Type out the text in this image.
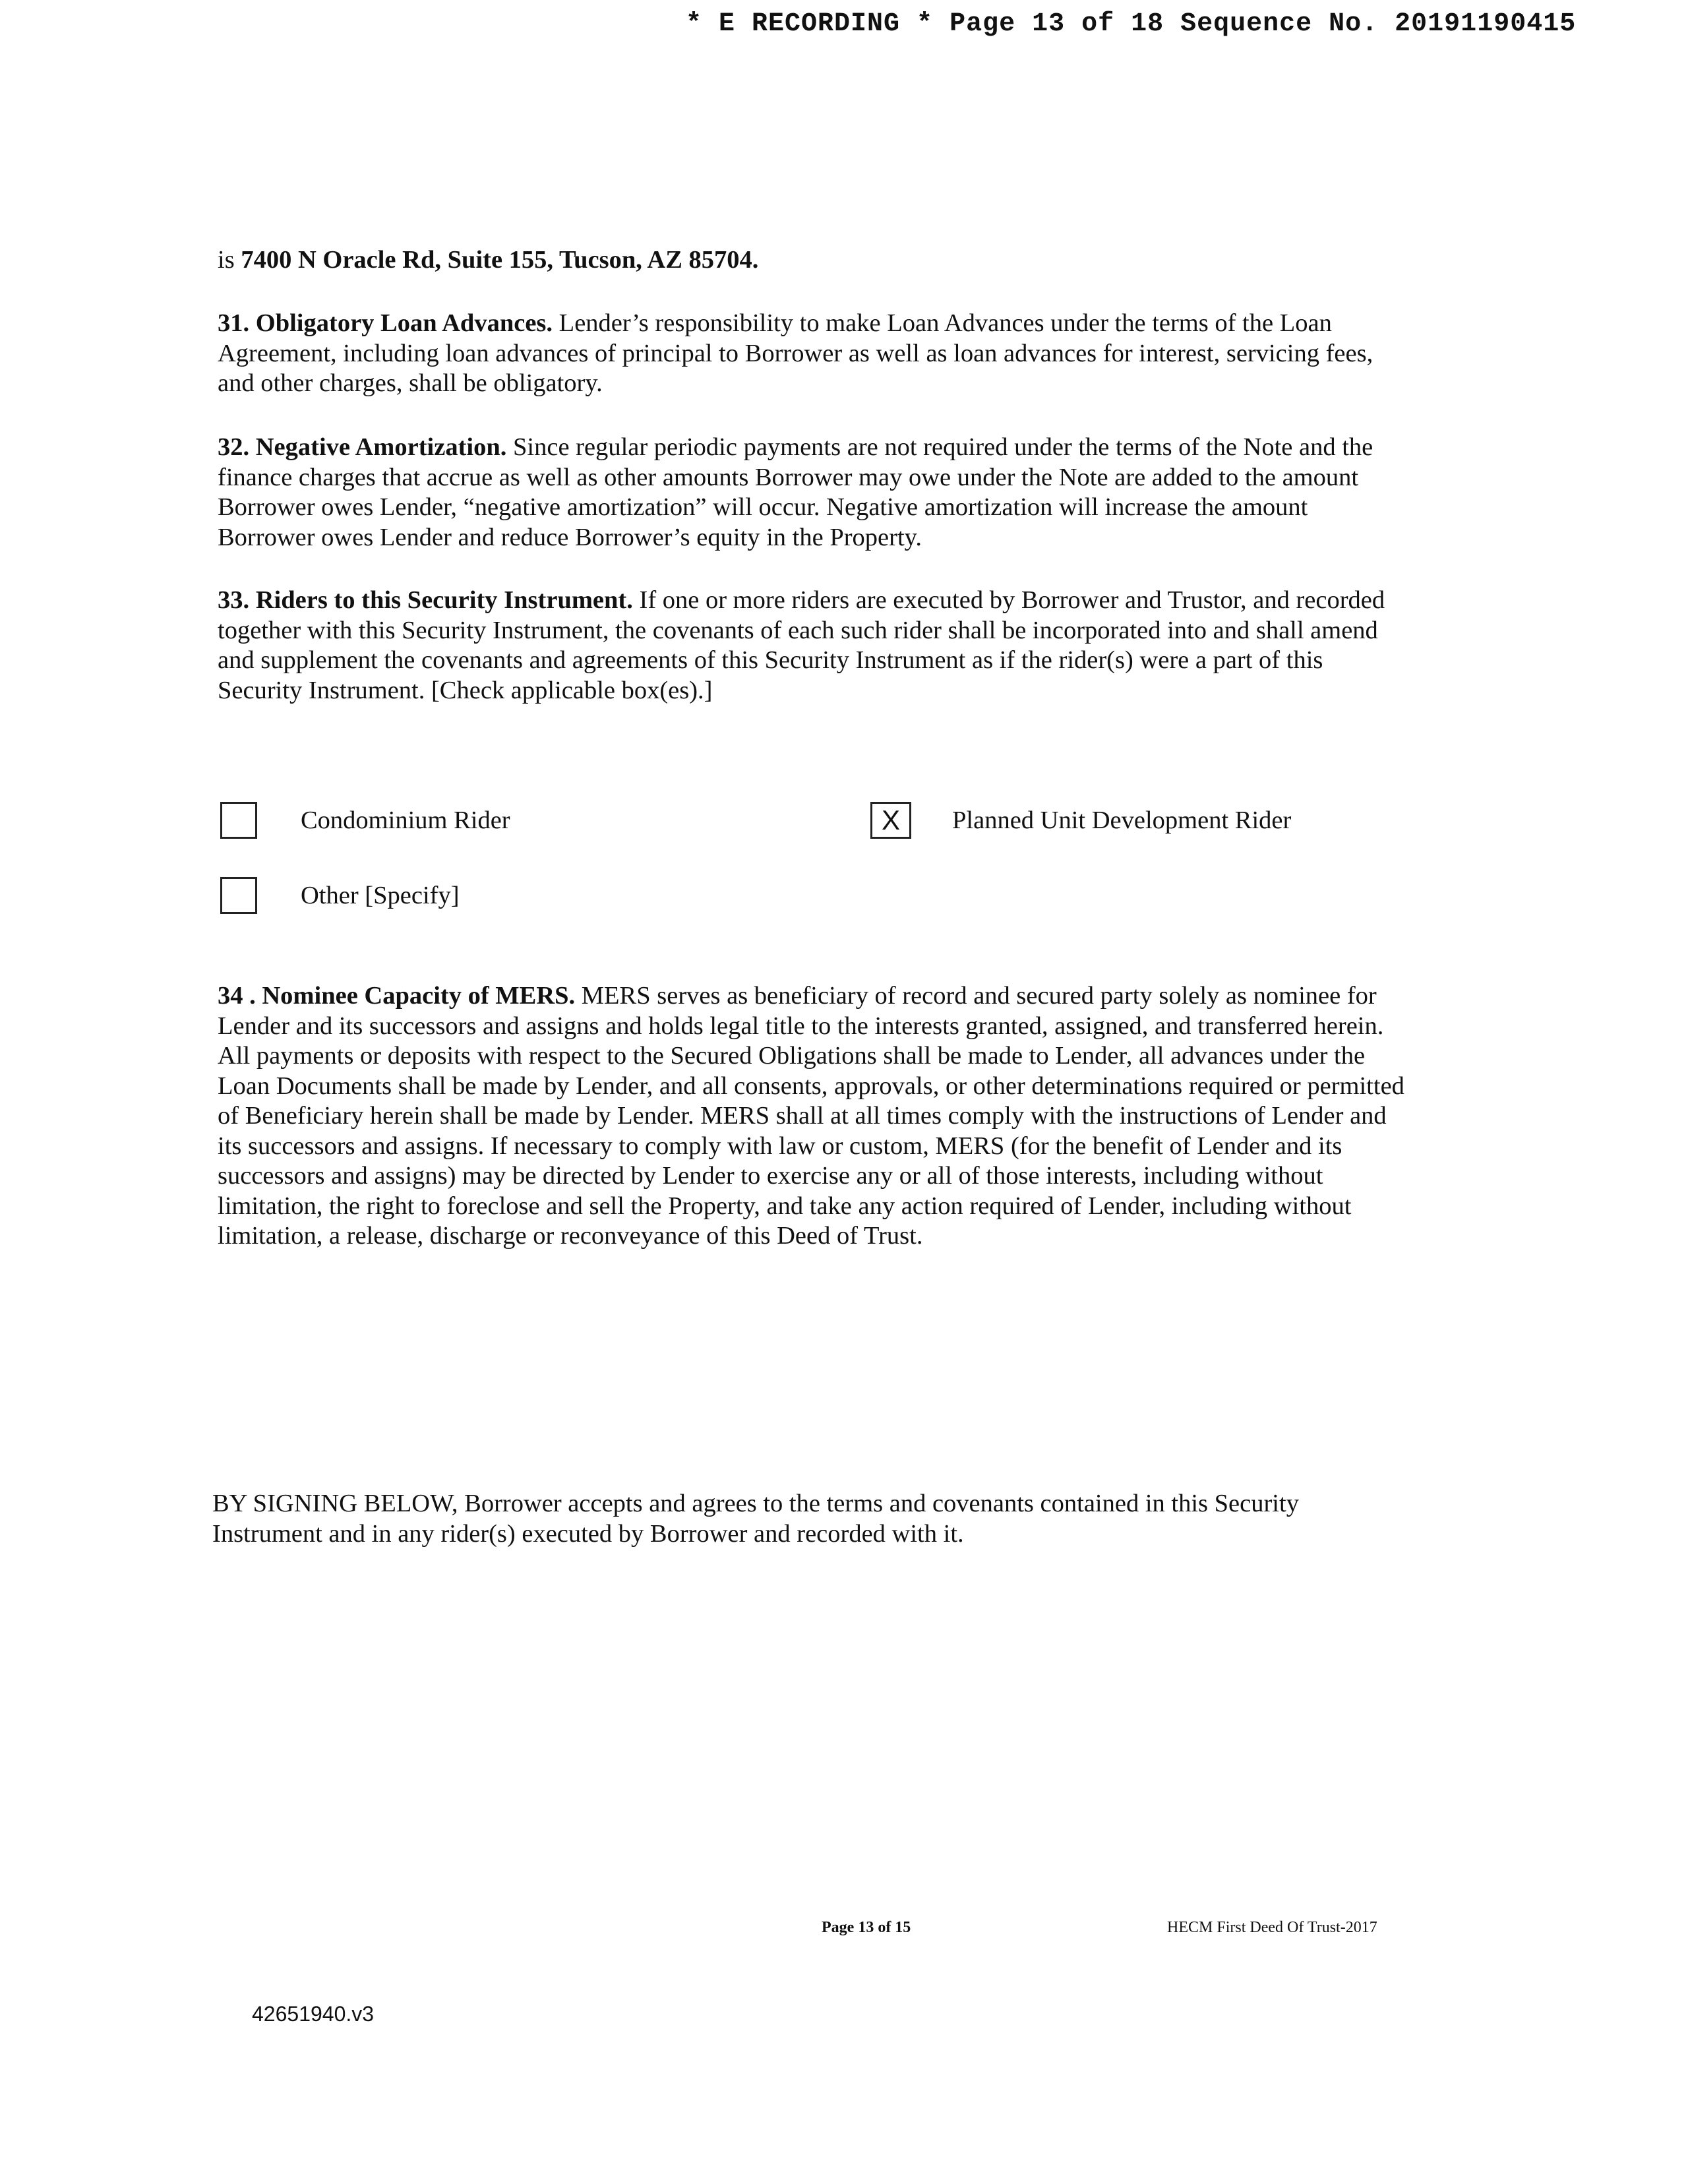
* E RECORDING * Page 13 of 18 Sequence No. 20191190415

is 7400 N Oracle Rd, Suite 155, Tucson, AZ 85704.

31. Obligatory Loan Advances. Lender’s responsibility to make Loan Advances under the terms of the Loan Agreement, including loan advances of principal to Borrower as well as loan advances for interest, servicing fees, and other charges, shall be obligatory.

32. Negative Amortization. Since regular periodic payments are not required under the terms of the Note and the finance charges that accrue as well as other amounts Borrower may owe under the Note are added to the amount Borrower owes Lender, “negative amortization” will occur. Negative amortization will increase the amount Borrower owes Lender and reduce Borrower’s equity in the Property.

33. Riders to this Security Instrument. If one or more riders are executed by Borrower and Trustor, and recorded together with this Security Instrument, the covenants of each such rider shall be incorporated into and shall amend and supplement the covenants and agreements of this Security Instrument as if the rider(s) were a part of this Security Instrument. [Check applicable box(es).]

Condominium Rider	X	Planned Unit Development Rider
Other [Specify]

34 . Nominee Capacity of MERS. MERS serves as beneficiary of record and secured party solely as nominee for Lender and its successors and assigns and holds legal title to the interests granted, assigned, and transferred herein. All payments or deposits with respect to the Secured Obligations shall be made to Lender, all advances under the Loan Documents shall be made by Lender, and all consents, approvals, or other determinations required or permitted of Beneficiary herein shall be made by Lender. MERS shall at all times comply with the instructions of Lender and its successors and assigns. If necessary to comply with law or custom, MERS (for the benefit of Lender and its successors and assigns) may be directed by Lender to exercise any or all of those interests, including without limitation, the right to foreclose and sell the Property, and take any action required of Lender, including without limitation, a release, discharge or reconveyance of this Deed of Trust.

BY SIGNING BELOW, Borrower accepts and agrees to the terms and covenants contained in this Security Instrument and in any rider(s) executed by Borrower and recorded with it.

Page 13 of 15	HECM First Deed Of Trust-2017
42651940.v3
